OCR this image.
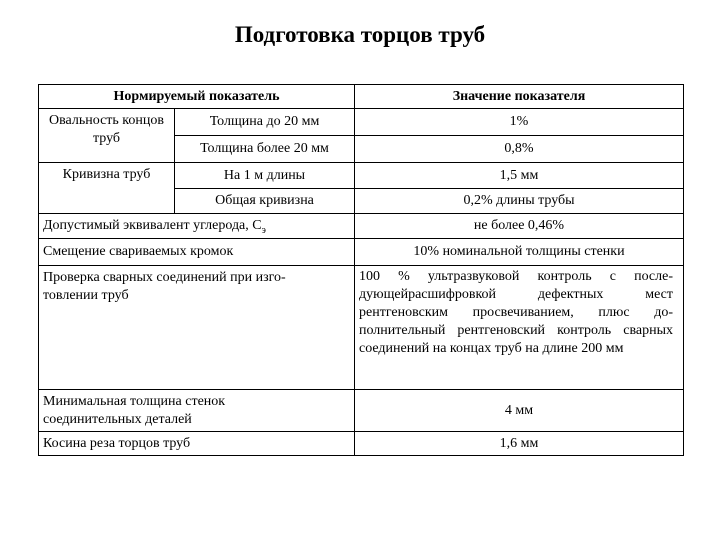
Подготовка торцов труб
Нормируемый показатель		Значение показателя
Овальность концов труб	Толщина до 20 мм	1%
	Толщина более 20 мм	0,8%
Кривизна труб	На 1 м длины	1,5 мм
	Общая кривизна	0,2% длины трубы
Допустимый эквивалент углерода, $С_э$		не более 0,46%
Смещение свариваемых кромок		10% номинальной толщины стенки
Проверка сварных соединений при изго-товлении труб		100 % ультразвуковой контроль с после-дующейрасшифровкой дефектных мест рентгеновским просвечиванием, плюс до-полнительный рентгеновский контроль сварных соединений на концах труб на длине 200 мм
Минимальная толщина стенок соединительных деталей		4 мм
Косина реза торцов труб		1,6 мм
